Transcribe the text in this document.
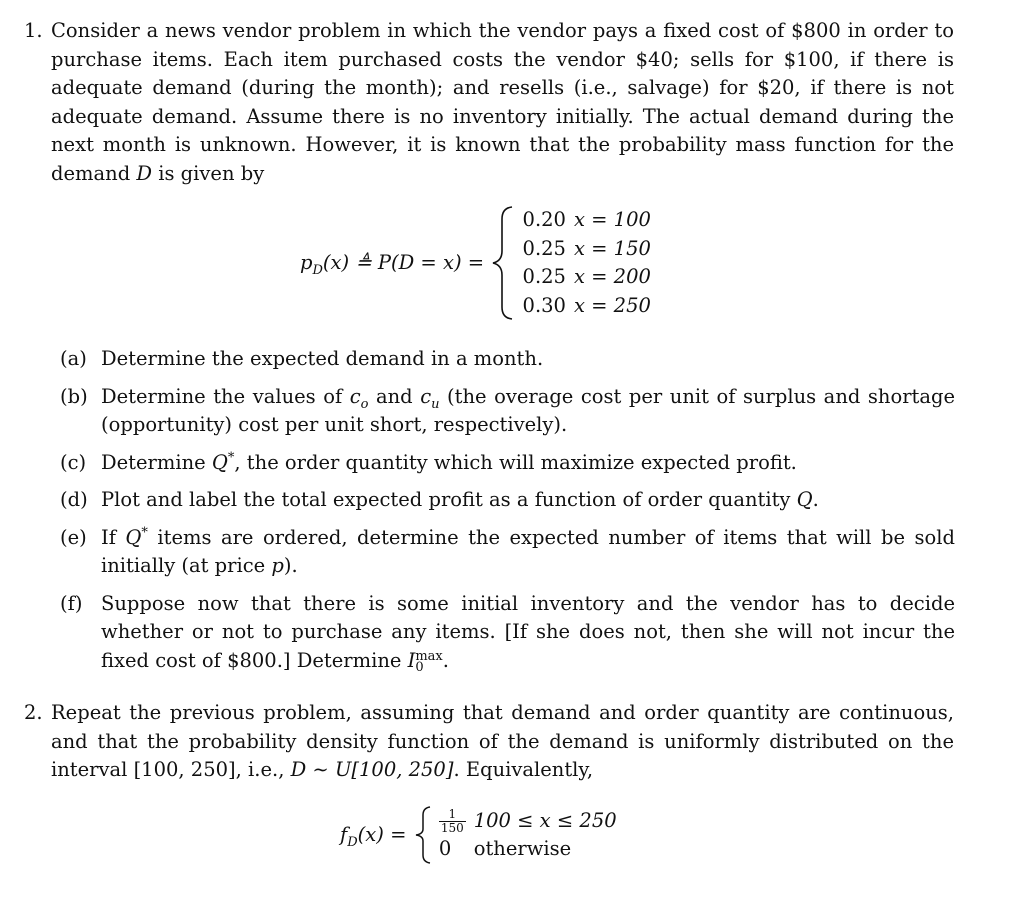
1. Consider a news vendor problem in which the vendor pays a fixed cost of $800 in order to purchase items. Each item purchased costs the vendor $40; sells for $100, if there is adequate demand (during the month); and resells (i.e., salvage) for $20, if there is not adequate demand. Assume there is no inventory initially. The actual demand during the next month is unknown. However, it is known that the probability mass function for the demand D is given by
$p_D(x)$ ≜ P(D = x) =  0.20	x = 100
0.25	x = 150
0.25	x = 200
0.30	x = 250
(a) Determine the expected demand in a month.
(b) Determine the values of $c_o$ and $c_u$ (the overage cost per unit of surplus and shortage (opportunity) cost per unit short, respectively).
(c) Determine Q*, the order quantity which will maximize expected profit.
(d) Plot and label the total expected profit as a function of order quantity Q.
(e) If Q* items are ordered, determine the expected number of items that will be sold initially (at price p).
(f) Suppose now that there is some initial inventory and the vendor has to decide whether or not to purchase any items. [If she does not, then she will not incur the fixed cost of $800.] Determine I max
0 .
2. Repeat the previous problem, assuming that demand and order quantity are continuous, and that the probability density function of the demand is uniformly distributed on the interval [100, 250], i.e., D ∼ U[100, 250]. Equivalently,
$f_D(x)$ =	$\frac{1}{150}$	100 ≤ x ≤ 250
0	otherwise
